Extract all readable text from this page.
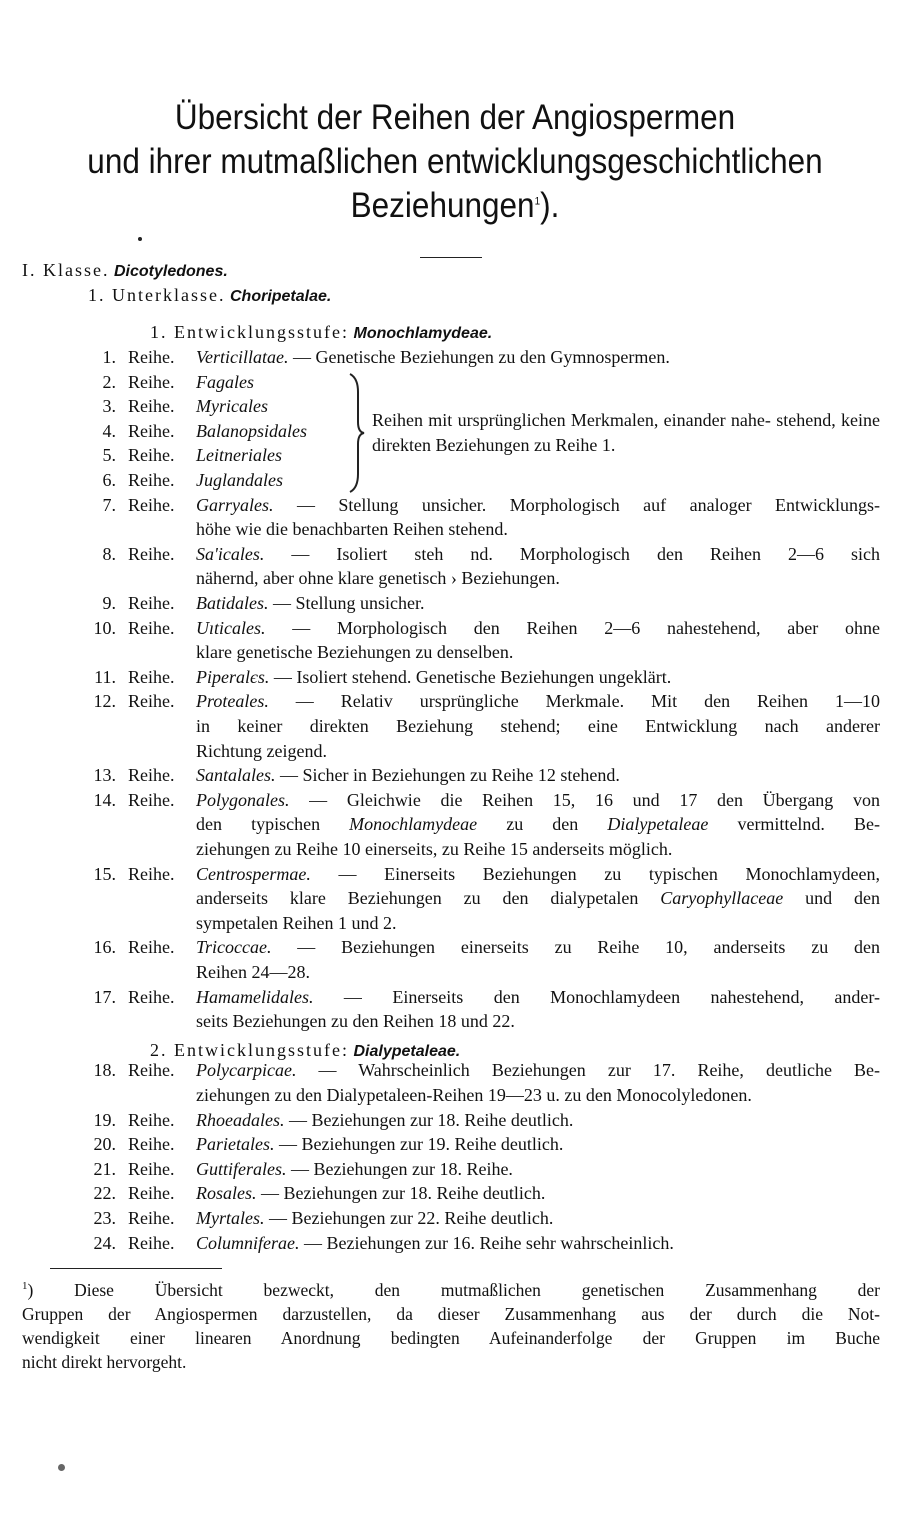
Übersicht der Reihen der Angiospermen
und ihrer mutmaßlichen entwicklungsgeschichtlichen
Beziehungen$^1$).
I. Klasse. Dicotyledones.
1. Unterklasse. Choripetalae.
1. Entwicklungsstufe: Monochlamydeae.
2. Entwicklungsstufe: Dialypetaleae.
1. Reihe. Verticillatae. — Genetische Beziehungen zu den Gymnospermen.
2. Reihe. Fagales
3. Reihe. Myricales
4. Reihe. Balanopsidales
5. Reihe. Leitneriales
6. Reihe. Juglandales
7. Reihe. Garryales. — Stellung unsicher. Morphologisch auf analoger Entwicklungs-
höhe wie die benachbarten Reihen stehend.
8. Reihe. Sa'icales. — Isoliert steh nd. Morphologisch den Reihen 2—6 sich
nähernd, aber ohne klare genetisch › Beziehungen.
9. Reihe. Batidales. — Stellung unsicher.
10. Reihe. Uıticales. — Morphologisch den Reihen 2—6 nahestehend, aber ohne
klare genetische Beziehungen zu denselben.
11. Reihe. Piperalєs. — Isoliert stehend. Genetische Beziehungen ungeklärt.
12. Reihe. Proteales. — Relativ ursprüngliche Merkmale. Mit den Reihen 1—10
in keiner direkten Beziehung stehend; eine Entwicklung nach anderer
Richtung zeigend.
13. Reihe. Santalales. — Sicher in Beziehungen zu Reihe 12 stehend.
14. Reihe. Polygonales. — Gleichwie die Reihen 15, 16 und 17 den Übergang von
den typischen Monochlamydeae zu den Dialypetaleae vermittelnd. Be-
ziehungen zu Reihe 10 einerseits, zu Reihe 15 anderseits möglich.
15. Reihe. Centrospermae. — Einerseits Beziehungen zu typischen Monochlamydeen,
anderseits klare Beziehungen zu den dialypetalen Caryophyllaceae und den
sympetalen Reihen 1 und 2.
16. Reihe. Tricoccae. — Beziehungen einerseits zu Reihe 10, anderseits zu den
Reihen 24—28.
17. Reihe. Hamamelidales. — Einerseits den Monochlamydeen nahestehend, ander-
seits Beziehungen zu den Reihen 18 und 22.
18. Reihe. Polycarpicae. — Wahrscheinlich Beziehungen zur 17. Reihe, deutliche Be-
ziehungen zu den Dialypetaleen-Reihen 19—23 u. zu den Monocolyledonen.
19. Reihe. Rhoeadales. — Beziehungen zur 18. Reihe deutlich.
20. Reihe. Parietales. — Beziehungen zur 19. Reihe deutlich.
21. Reihe. Guttiferales. — Beziehungen zur 18. Reihe.
22. Reihe. Rosales. — Beziehungen zur 18. Reihe deutlich.
23. Reihe. Myrtales. — Beziehungen zur 22. Reihe deutlich.
24. Reihe. Columniferae. — Beziehungen zur 16. Reihe sehr wahrscheinlich.
Reihen mit ursprünglichen Merkmalen, einander nahe- stehend, keine direkten Beziehungen zu Reihe 1.
$^1$) Diese Übersicht bezweckt, den mutmaßlichen genetischen Zusammenhang der
Gruppen der Angiospermen darzustellen, da dieser Zusammenhang aus der durch die Not-
wendigkeit einer linearen Anordnung bedingten Aufeinanderfolge der Gruppen im Buche
nicht direkt hervorgeht.
